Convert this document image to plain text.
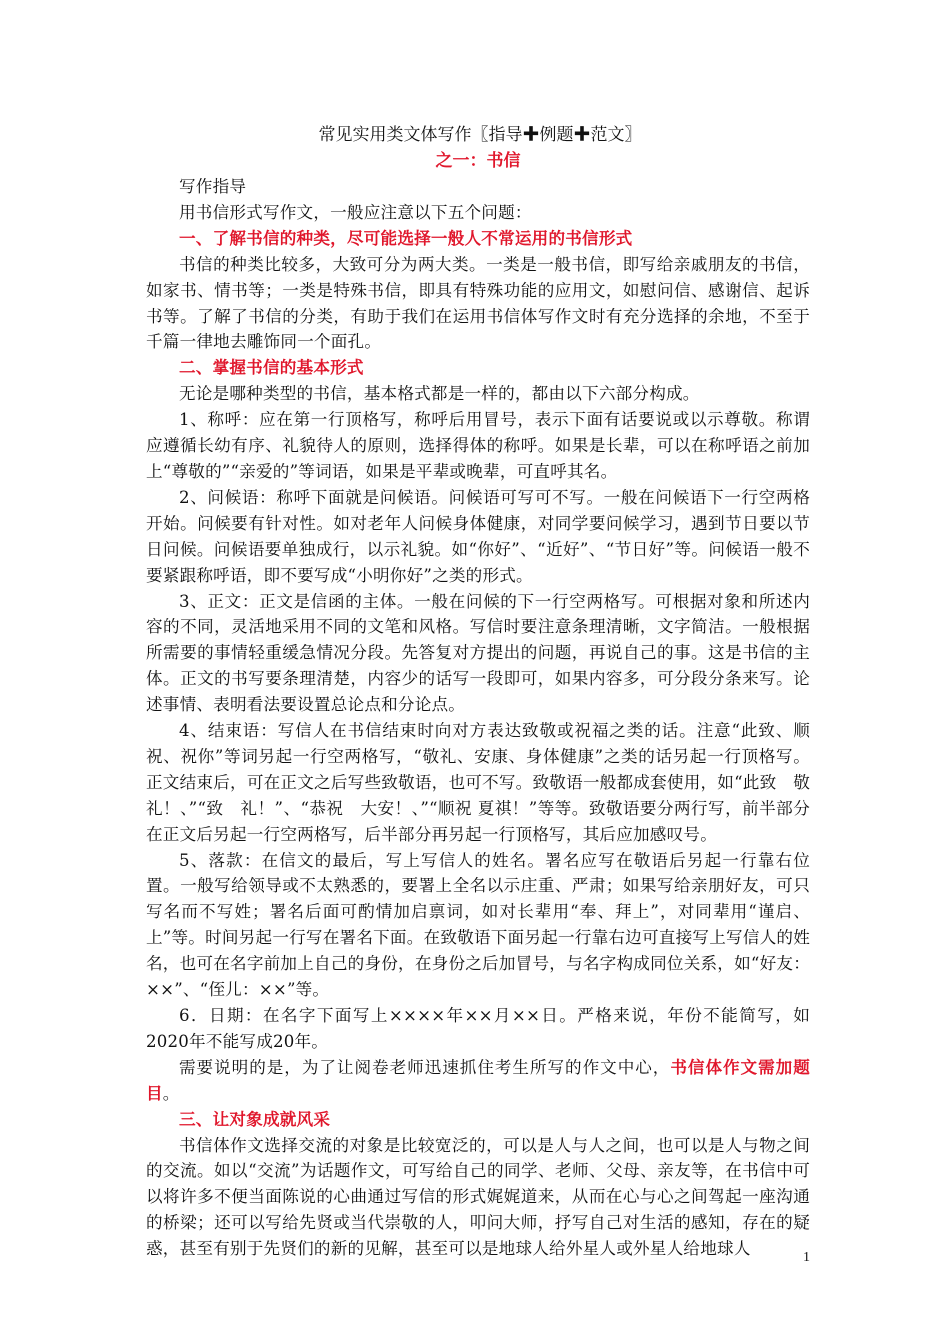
常见实用类文体写作〖指导✚例题✚范文〗

之一：书信

写作指导

用书信形式写作文，一般应注意以下五个问题：

一、了解书信的种类，尽可能选择一般人不常运用的书信形式

书信的种类比较多，大致可分为两大类。一类是一般书信，即写给亲戚朋友的书信，如家书、情书等；一类是特殊书信，即具有特殊功能的应用文，如慰问信、感谢信、起诉书等。了解了书信的分类，有助于我们在运用书信体写作文时有充分选择的余地，不至于千篇一律地去雕饰同一个面孔。

二、掌握书信的基本形式

无论是哪种类型的书信，基本格式都是一样的，都由以下六部分构成。

1、称呼：应在第一行顶格写，称呼后用冒号，表示下面有话要说或以示尊敬。称谓应遵循长幼有序、礼貌待人的原则，选择得体的称呼。如果是长辈，可以在称呼语之前加上“尊敬的”“亲爱的”等词语，如果是平辈或晚辈，可直呼其名。

2、问候语：称呼下面就是问候语。问候语可写可不写。一般在问候语下一行空两格开始。问候要有针对性。如对老年人问候身体健康，对同学要问候学习，遇到节日要以节日问候。问候语要单独成行，以示礼貌。如“你好”、“近好”、“节日好”等。问候语一般不要紧跟称呼语，即不要写成“小明你好”之类的形式。

3、正文：正文是信函的主体。一般在问候的下一行空两格写。可根据对象和所述内容的不同，灵活地采用不同的文笔和风格。写信时要注意条理清晰，文字简洁。一般根据所需要的事情轻重缓急情况分段。先答复对方提出的问题，再说自己的事。这是书信的主体。正文的书写要条理清楚，内容少的话写一段即可，如果内容多，可分段分条来写。论述事情、表明看法要设置总论点和分论点。

4、结束语：写信人在书信结束时向对方表达致敬或祝福之类的话。注意“此致、顺祝、祝你”等词另起一行空两格写，“敬礼、安康、身体健康”之类的话另起一行顶格写。正文结束后，可在正文之后写些致敬语，也可不写。致敬语一般都成套使用，如“此致　敬礼！、”“致　礼！”、“恭祝　大安！、”“顺祝 夏祺！”等等。致敬语要分两行写，前半部分在正文后另起一行空两格写，后半部分再另起一行顶格写，其后应加感叹号。

5、落款：在信文的最后，写上写信人的姓名。署名应写在敬语后另起一行靠右位置。一般写给领导或不太熟悉的，要署上全名以示庄重、严肃；如果写给亲朋好友，可只写名而不写姓；署名后面可酌情加启禀词，如对长辈用“奉、拜上”，对同辈用“谨启、上”等。时间另起一行写在署名下面。在致敬语下面另起一行靠右边可直接写上写信人的姓名，也可在名字前加上自己的身份，在身份之后加冒号，与名字构成同位关系，如“好友：××”、“侄儿：××”等。

6．日期：在名字下面写上××××年××月××日。严格来说，年份不能简写，如2020年不能写成20年。

需要说明的是，为了让阅卷老师迅速抓住考生所写的作文中心，书信体作文需加题目。

三、让对象成就风采

书信体作文选择交流的对象是比较宽泛的，可以是人与人之间，也可以是人与物之间的交流。如以“交流”为话题作文，可写给自己的同学、老师、父母、亲友等，在书信中可以将许多不便当面陈说的心曲通过写信的形式娓娓道来，从而在心与心之间驾起一座沟通的桥梁；还可以写给先贤或当代崇敬的人，叩问大师，抒写自己对生活的感知，存在的疑惑，甚至有别于先贤们的新的见解，甚至可以是地球人给外星人或外星人给地球人	1
